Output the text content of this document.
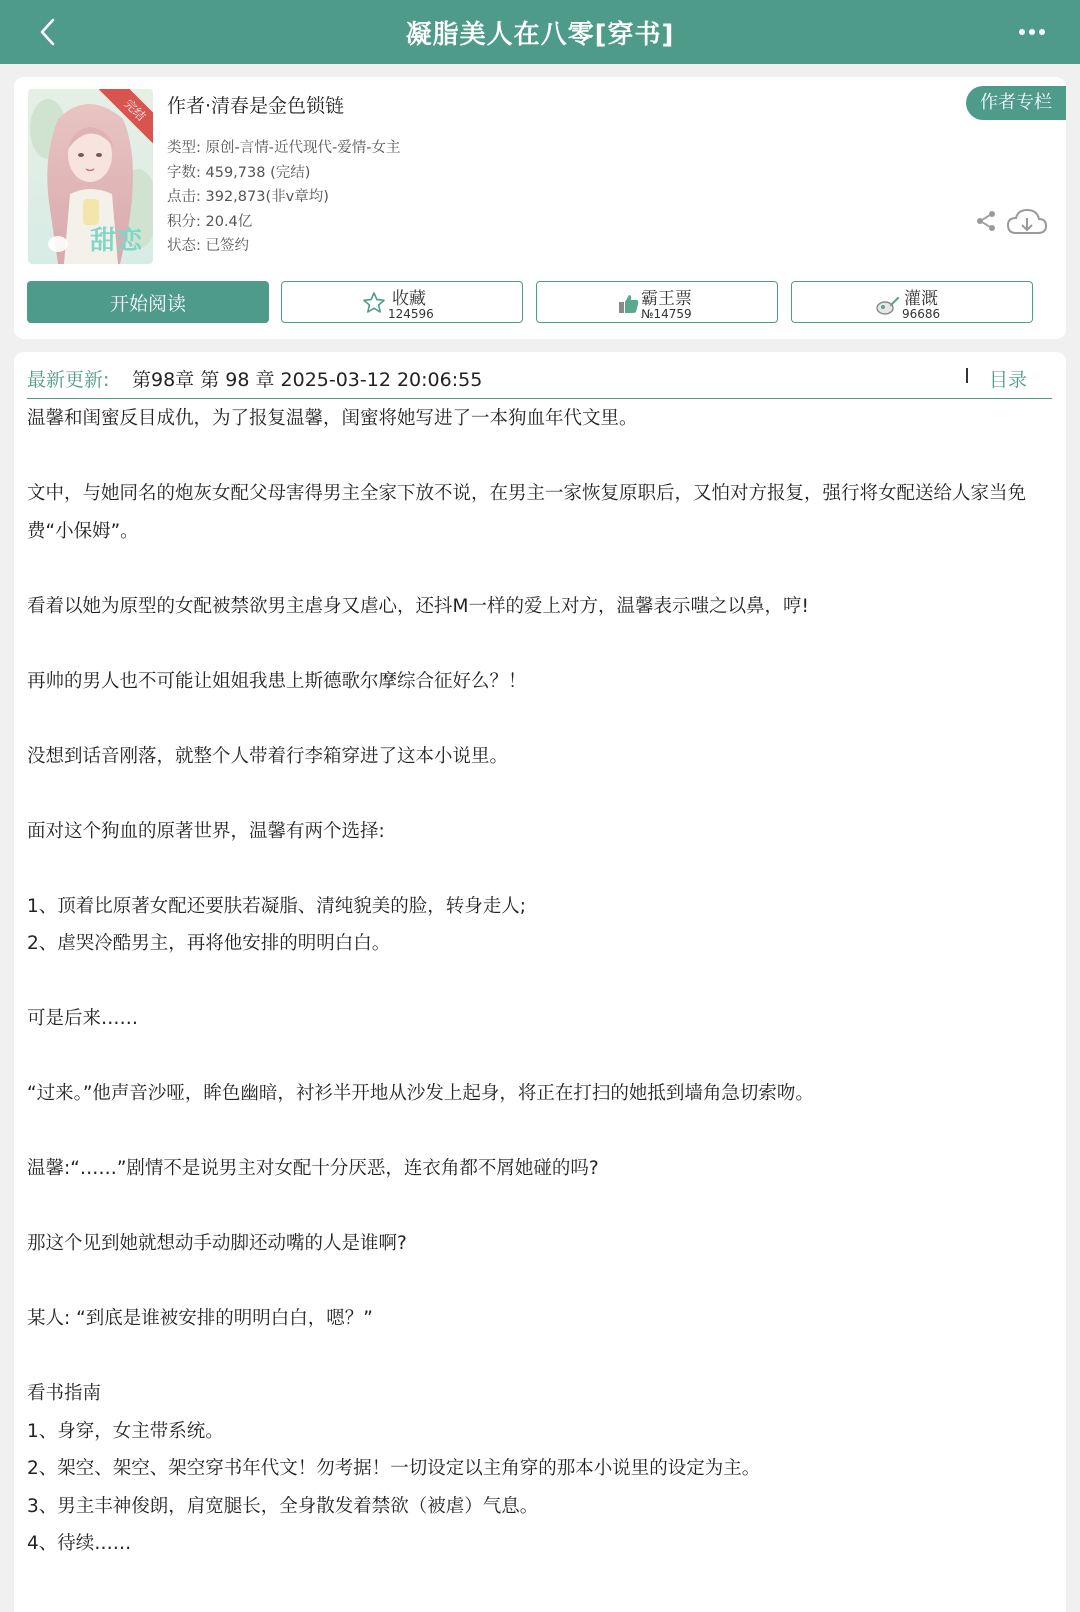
凝脂美人在八零[穿书]
甜恋
完结 作者·清春是金色锁链
类型: 原创-言情-近代现代-爱情-女主
字数: 459,738 (完结)
点击: 392,873(非v章均)
积分: 20.4亿
状态: 已签约
作者专栏
开始阅读	收藏
124596
霸王票
№14759
灌溉
96686
最新更新: 第98章 第 98 章 2025-03-12 20:06:55	目录

温馨和闺蜜反目成仇，为了报复温馨，闺蜜将她写进了一本狗血年代文里。

文中，与她同名的炮灰女配父母害得男主全家下放不说，在男主一家恢复原职后，又怕对方报复，强行将女配送给人家当免费“小保姆”。

看着以她为原型的女配被禁欲男主虐身又虐心，还抖M一样的爱上对方，温馨表示嗤之以鼻，哼!

再帅的男人也不可能让姐姐我患上斯德歌尔摩综合征好么？！

没想到话音刚落，就整个人带着行李箱穿进了这本小说里。

面对这个狗血的原著世界，温馨有两个选择:

1、顶着比原著女配还要肤若凝脂、清纯貌美的脸，转身走人;

2、虐哭冷酷男主，再将他安排的明明白白。

可是后来……

“过来。”他声音沙哑，眸色幽暗，衬衫半开地从沙发上起身，将正在打扫的她抵到墙角急切索吻。

温馨:“……”剧情不是说男主对女配十分厌恶，连衣角都不屑她碰的吗?

那这个见到她就想动手动脚还动嘴的人是谁啊?

某人: “到底是谁被安排的明明白白，嗯？”

看书指南

1、身穿，女主带系统。

2、架空、架空、架空穿书年代文！勿考据！一切设定以主角穿的那本小说里的设定为主。

3、男主丰神俊朗，肩宽腿长，全身散发着禁欲（被虐）气息。

4、待续……
